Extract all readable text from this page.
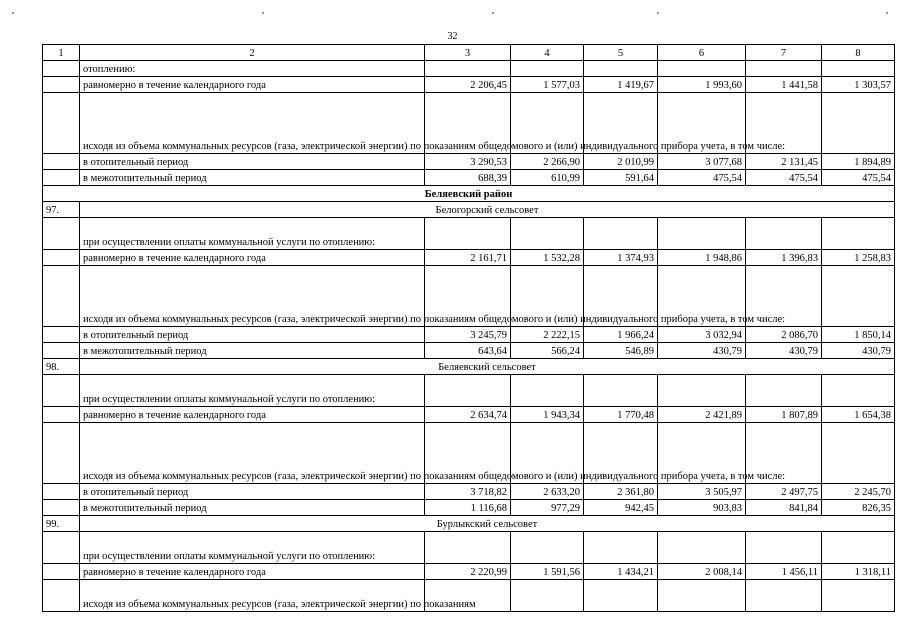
32
1	2	3	4	5	6	7	8
	отоплению:						
	равномерно в течение календарного года	2 206,45	1 577,03	1 419,67	1 993,60	1 441,58	1 303,57
	исходя из объема коммунальных ресурсов (газа, электрической энергии) по показаниям общедомового и (или) индивидуального прибора учета, в том числе:						
	в отопительный период	3 290,53	2 266,90	2 010,99	3 077,68	2 131,45	1 894,89
	в межотопительный период	688,39	610,99	591,64	475,54	475,54	475,54
Беляевский район							
97.	Белогорский сельсовет						
	при осуществлении оплаты коммунальной услуги по отоплению:						
	равномерно в течение календарного года	2 161,71	1 532,28	1 374,93	1 948,86	1 396,83	1 258,83
	исходя из объема коммунальных ресурсов (газа, электрической энергии) по показаниям общедомового и (или) индивидуального прибора учета, в том числе:						
	в отопительный период	3 245,79	2 222,15	1 966,24	3 032,94	2 086,70	1 850,14
	в межотопительный период	643,64	566,24	546,89	430,79	430,79	430,79
98.	Беляевский сельсовет						
	при осуществлении оплаты коммунальной услуги по отоплению:						
	равномерно в течение календарного года	2 634,74	1 943,34	1 770,48	2 421,89	1 807,89	1 654,38
	исходя из объема коммунальных ресурсов (газа, электрической энергии) по показаниям общедомового и (или) индивидуального прибора учета, в том числе:						
	в отопительный период	3 718,82	2 633,20	2 361,80	3 505,97	2 497,75	2 245,70
	в межотопительный период	1 116,68	977,29	942,45	903,83	841,84	826,35
99.	Бурлыкский сельсовет						
	при осуществлении оплаты коммунальной услуги по отоплению:						
	равномерно в течение календарного года	2 220,99	1 591,56	1 434,21	2 008,14	1 456,11	1 318,11
	исходя из объема коммунальных ресурсов (газа, электрической энергии) по показаниям						
